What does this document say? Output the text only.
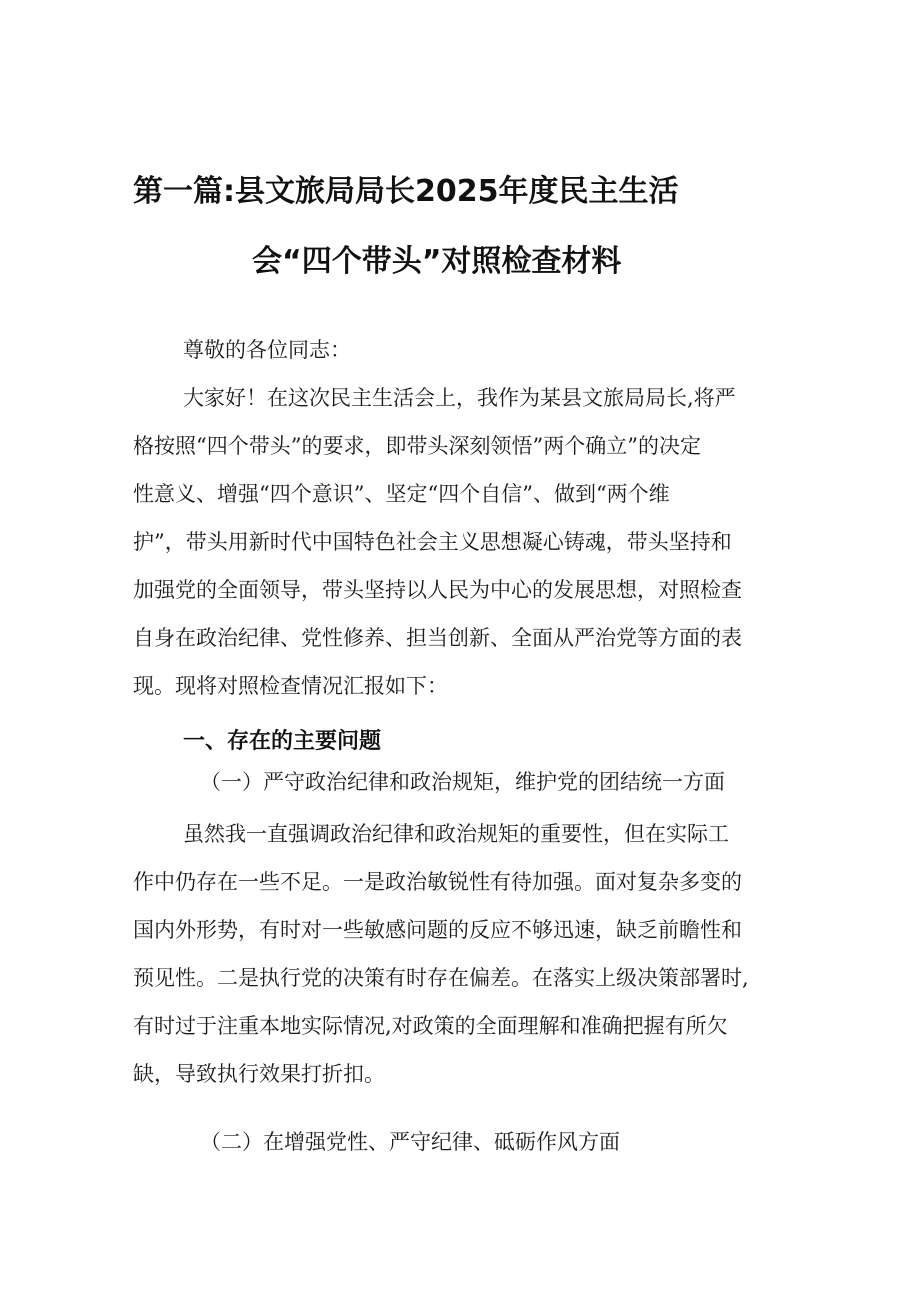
第一篇:县文旅局局长2025年度民主生活
会“四个带头”对照检查材料
尊敬的各位同志：
大家好！在这次民主生活会上，我作为某县文旅局局长,将严
格按照“四个带头”的要求，即带头深刻领悟”两个确立”的决定
性意义、增强“四个意识”、坚定“四个自信”、做到“两个维
护”，带头用新时代中国特色社会主义思想凝心铸魂，带头坚持和
加强党的全面领导，带头坚持以人民为中心的发展思想，对照检查
自身在政治纪律、党性修养、担当创新、全面从严治党等方面的表
现。现将对照检查情况汇报如下：
一、存在的主要问题
（一）严守政治纪律和政治规矩，维护党的团结统一方面
虽然我一直强调政治纪律和政治规矩的重要性，但在实际工
作中仍存在一些不足。一是政治敏锐性有待加强。面对复杂多变的
国内外形势，有时对一些敏感问题的反应不够迅速，缺乏前瞻性和
预见性。二是执行党的决策有时存在偏差。在落实上级决策部署时,
有时过于注重本地实际情况,对政策的全面理解和准确把握有所欠
缺，导致执行效果打折扣。
（二）在增强党性、严守纪律、砥砺作风方面
